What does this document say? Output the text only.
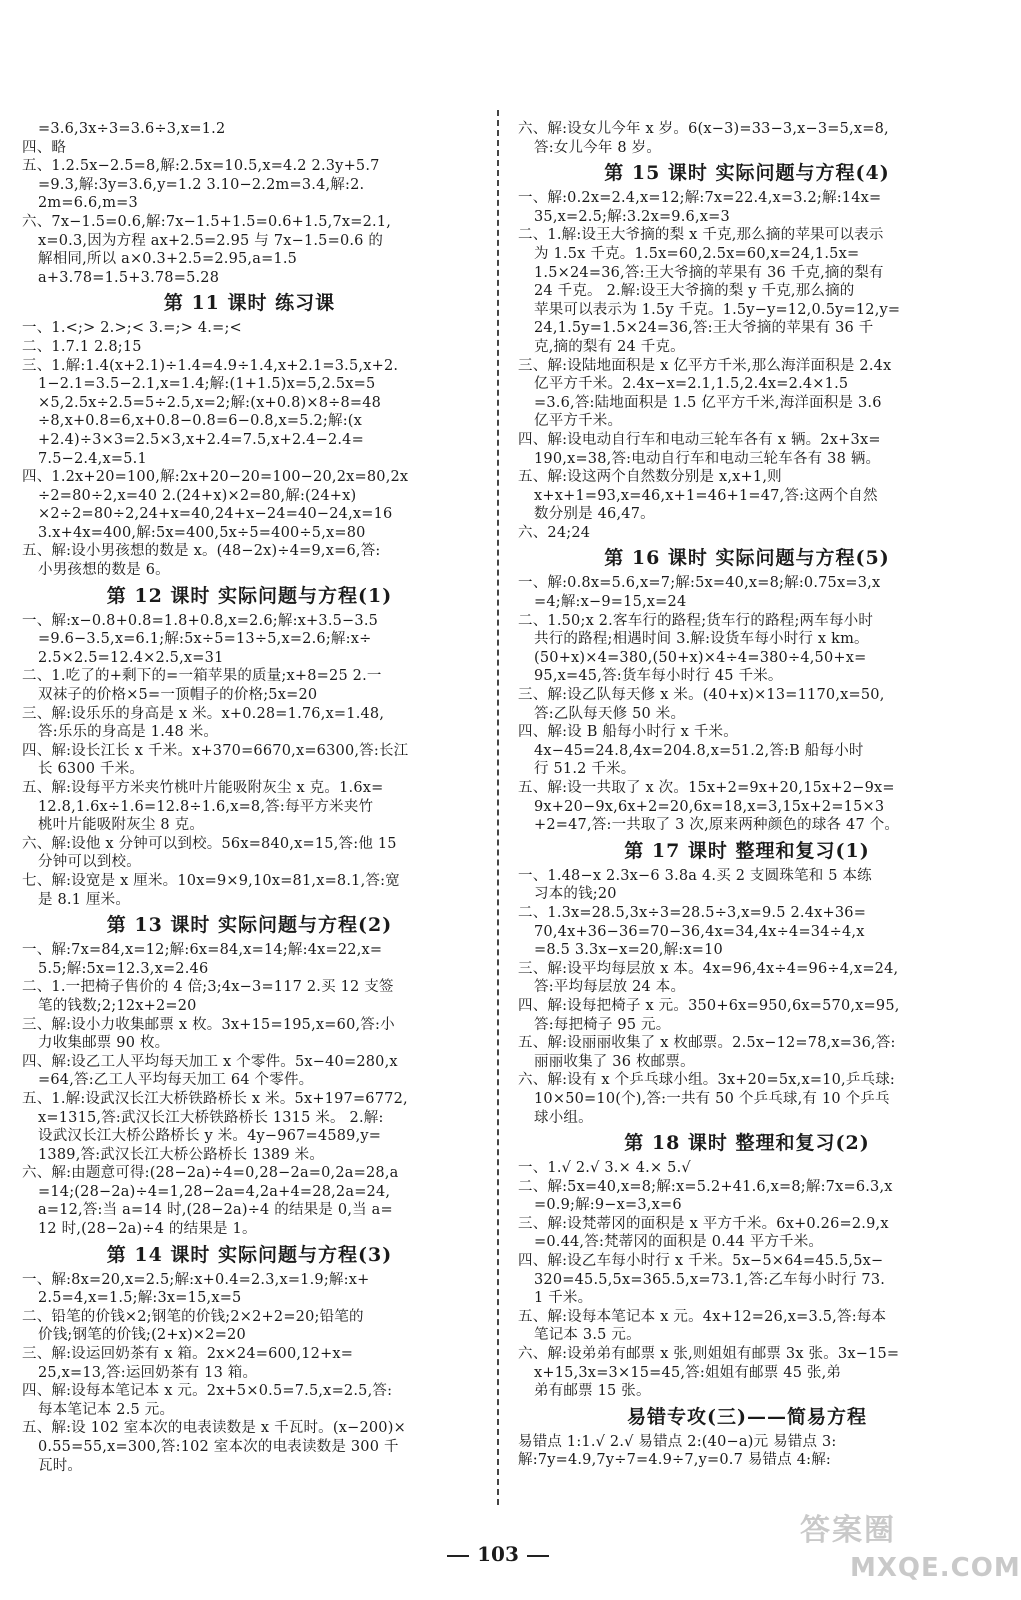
=3.6,3x÷3=3.6÷3,x=1.2
四、略
五、1.2.5x−2.5=8,解:2.5x=10.5,x=4.2 2.3y+5.7
=9.3,解:3y=3.6,y=1.2 3.10−2.2m=3.4,解:2.
2m=6.6,m=3
六、7x−1.5=0.6,解:7x−1.5+1.5=0.6+1.5,7x=2.1,
x=0.3,因为方程 ax+2.5=2.95 与 7x−1.5=0.6 的
解相同,所以 a×0.3+2.5=2.95,a=1.5
a+3.78=1.5+3.78=5.28
第 11 课时 练习课
一、1.<;> 2.>;< 3.=;> 4.=;<
二、1.7.1 2.8;15
三、1.解:1.4(x+2.1)÷1.4=4.9÷1.4,x+2.1=3.5,x+2.
1−2.1=3.5−2.1,x=1.4;解:(1+1.5)x=5,2.5x=5
×5,2.5x÷2.5=5÷2.5,x=2;解:(x+0.8)×8÷8=48
÷8,x+0.8=6,x+0.8−0.8=6−0.8,x=5.2;解:(x
+2.4)÷3×3=2.5×3,x+2.4=7.5,x+2.4−2.4=
7.5−2.4,x=5.1
四、1.2x+20=100,解:2x+20−20=100−20,2x=80,2x
÷2=80÷2,x=40 2.(24+x)×2=80,解:(24+x)
×2÷2=80÷2,24+x=40,24+x−24=40−24,x=16
3.x+4x=400,解:5x=400,5x÷5=400÷5,x=80
五、解:设小男孩想的数是 x。(48−2x)÷4=9,x=6,答:
小男孩想的数是 6。
第 12 课时 实际问题与方程(1)
一、解:x−0.8+0.8=1.8+0.8,x=2.6;解:x+3.5−3.5
=9.6−3.5,x=6.1;解:5x÷5=13÷5,x=2.6;解:x÷
2.5×2.5=12.4×2.5,x=31
二、1.吃了的+剩下的=一箱苹果的质量;x+8=25 2.一
双袜子的价格×5=一顶帽子的价格;5x=20
三、解:设乐乐的身高是 x 米。x+0.28=1.76,x=1.48,
答:乐乐的身高是 1.48 米。
四、解:设长江长 x 千米。x+370=6670,x=6300,答:长江
长 6300 千米。
五、解:设每平方米夹竹桃叶片能吸附灰尘 x 克。1.6x=
12.8,1.6x÷1.6=12.8÷1.6,x=8,答:每平方米夹竹
桃叶片能吸附灰尘 8 克。
六、解:设他 x 分钟可以到校。56x=840,x=15,答:他 15
分钟可以到校。
七、解:设宽是 x 厘米。10x=9×9,10x=81,x=8.1,答:宽
是 8.1 厘米。
第 13 课时 实际问题与方程(2)
一、解:7x=84,x=12;解:6x=84,x=14;解:4x=22,x=
5.5;解:5x=12.3,x=2.46
二、1.一把椅子售价的 4 倍;3;4x−3=117 2.买 12 支签
笔的钱数;2;12x+2=20
三、解:设小力收集邮票 x 枚。3x+15=195,x=60,答:小
力收集邮票 90 枚。
四、解:设乙工人平均每天加工 x 个零件。5x−40=280,x
=64,答:乙工人平均每天加工 64 个零件。
五、1.解:设武汉长江大桥铁路桥长 x 米。5x+197=6772,
x=1315,答:武汉长江大桥铁路桥长 1315 米。 2.解:
设武汉长江大桥公路桥长 y 米。4y−967=4589,y=
1389,答:武汉长江大桥公路桥长 1389 米。
六、解:由题意可得:(28−2a)÷4=0,28−2a=0,2a=28,a
=14;(28−2a)÷4=1,28−2a=4,2a+4=28,2a=24,
a=12,答:当 a=14 时,(28−2a)÷4 的结果是 0,当 a=
12 时,(28−2a)÷4 的结果是 1。
第 14 课时 实际问题与方程(3)
一、解:8x=20,x=2.5;解:x+0.4=2.3,x=1.9;解:x+
2.5=4,x=1.5;解:3x=15,x=5
二、铅笔的价钱×2;钢笔的价钱;2×2+2=20;铅笔的
价钱;钢笔的价钱;(2+x)×2=20
三、解:设运回奶茶有 x 箱。2x×24=600,12+x=
25,x=13,答:运回奶茶有 13 箱。
四、解:设每本笔记本 x 元。2x+5×0.5=7.5,x=2.5,答:
每本笔记本 2.5 元。
五、解:设 102 室本次的电表读数是 x 千瓦时。(x−200)×
0.55=55,x=300,答:102 室本次的电表读数是 300 千
瓦时。
六、解:设女儿今年 x 岁。6(x−3)=33−3,x−3=5,x=8,
答:女儿今年 8 岁。
第 15 课时 实际问题与方程(4)
一、解:0.2x=2.4,x=12;解:7x=22.4,x=3.2;解:14x=
35,x=2.5;解:3.2x=9.6,x=3
二、1.解:设王大爷摘的梨 x 千克,那么摘的苹果可以表示
为 1.5x 千克。1.5x=60,2.5x=60,x=24,1.5x=
1.5×24=36,答:王大爷摘的苹果有 36 千克,摘的梨有
24 千克。 2.解:设王大爷摘的梨 y 千克,那么摘的
苹果可以表示为 1.5y 千克。1.5y−y=12,0.5y=12,y=
24,1.5y=1.5×24=36,答:王大爷摘的苹果有 36 千
克,摘的梨有 24 千克。
三、解:设陆地面积是 x 亿平方千米,那么海洋面积是 2.4x
亿平方千米。2.4x−x=2.1,1.5,2.4x=2.4×1.5
=3.6,答:陆地面积是 1.5 亿平方千米,海洋面积是 3.6
亿平方千米。
四、解:设电动自行车和电动三轮车各有 x 辆。2x+3x=
190,x=38,答:电动自行车和电动三轮车各有 38 辆。
五、解:设这两个自然数分别是 x,x+1,则
x+x+1=93,x=46,x+1=46+1=47,答:这两个自然
数分别是 46,47。
六、24;24
第 16 课时 实际问题与方程(5)
一、解:0.8x=5.6,x=7;解:5x=40,x=8;解:0.75x=3,x
=4;解:x−9=15,x=24
二、1.50;x 2.客车行的路程;货车行的路程;两车每小时
共行的路程;相遇时间 3.解:设货车每小时行 x km。
(50+x)×4=380,(50+x)×4÷4=380÷4,50+x=
95,x=45,答:货车每小时行 45 千米。
三、解:设乙队每天修 x 米。(40+x)×13=1170,x=50,
答:乙队每天修 50 米。
四、解:设 B 船每小时行 x 千米。
4x−45=24.8,4x=204.8,x=51.2,答:B 船每小时
行 51.2 千米。
五、解:设一共取了 x 次。15x+2=9x+20,15x+2−9x=
9x+20−9x,6x+2=20,6x=18,x=3,15x+2=15×3
+2=47,答:一共取了 3 次,原来两种颜色的球各 47 个。
第 17 课时 整理和复习(1)
一、1.48−x 2.3x−6 3.8a 4.买 2 支圆珠笔和 5 本练
习本的钱;20
二、1.3x=28.5,3x÷3=28.5÷3,x=9.5 2.4x+36=
70,4x+36−36=70−36,4x=34,4x÷4=34÷4,x
=8.5 3.3x−x=20,解:x=10
三、解:设平均每层放 x 本。4x=96,4x÷4=96÷4,x=24,
答:平均每层放 24 本。
四、解:设每把椅子 x 元。350+6x=950,6x=570,x=95,
答:每把椅子 95 元。
五、解:设丽丽收集了 x 枚邮票。2.5x−12=78,x=36,答:
丽丽收集了 36 枚邮票。
六、解:设有 x 个乒乓球小组。3x+20=5x,x=10,乒乓球:
10×50=10(个),答:一共有 50 个乒乓球,有 10 个乒乓
球小组。
第 18 课时 整理和复习(2)
一、1.√ 2.√ 3.× 4.× 5.√
二、解:5x=40,x=8;解:x=5.2+41.6,x=8;解:7x=6.3,x
=0.9;解:9−x=3,x=6
三、解:设梵蒂冈的面积是 x 平方千米。6x+0.26=2.9,x
=0.44,答:梵蒂冈的面积是 0.44 平方千米。
四、解:设乙车每小时行 x 千米。5x−5×64=45.5,5x−
320=45.5,5x=365.5,x=73.1,答:乙车每小时行 73.
1 千米。
五、解:设每本笔记本 x 元。4x+12=26,x=3.5,答:每本
笔记本 3.5 元。
六、解:设弟弟有邮票 x 张,则姐姐有邮票 3x 张。3x−15=
x+15,3x=3×15=45,答:姐姐有邮票 45 张,弟
弟有邮票 15 张。
易错专攻(三)——简易方程
易错点 1:1.√ 2.√ 易错点 2:(40−a)元 易错点 3:
解:7y=4.9,7y÷7=4.9÷7,y=0.7 易错点 4:解:
103
答案圈
MXQE.COM
